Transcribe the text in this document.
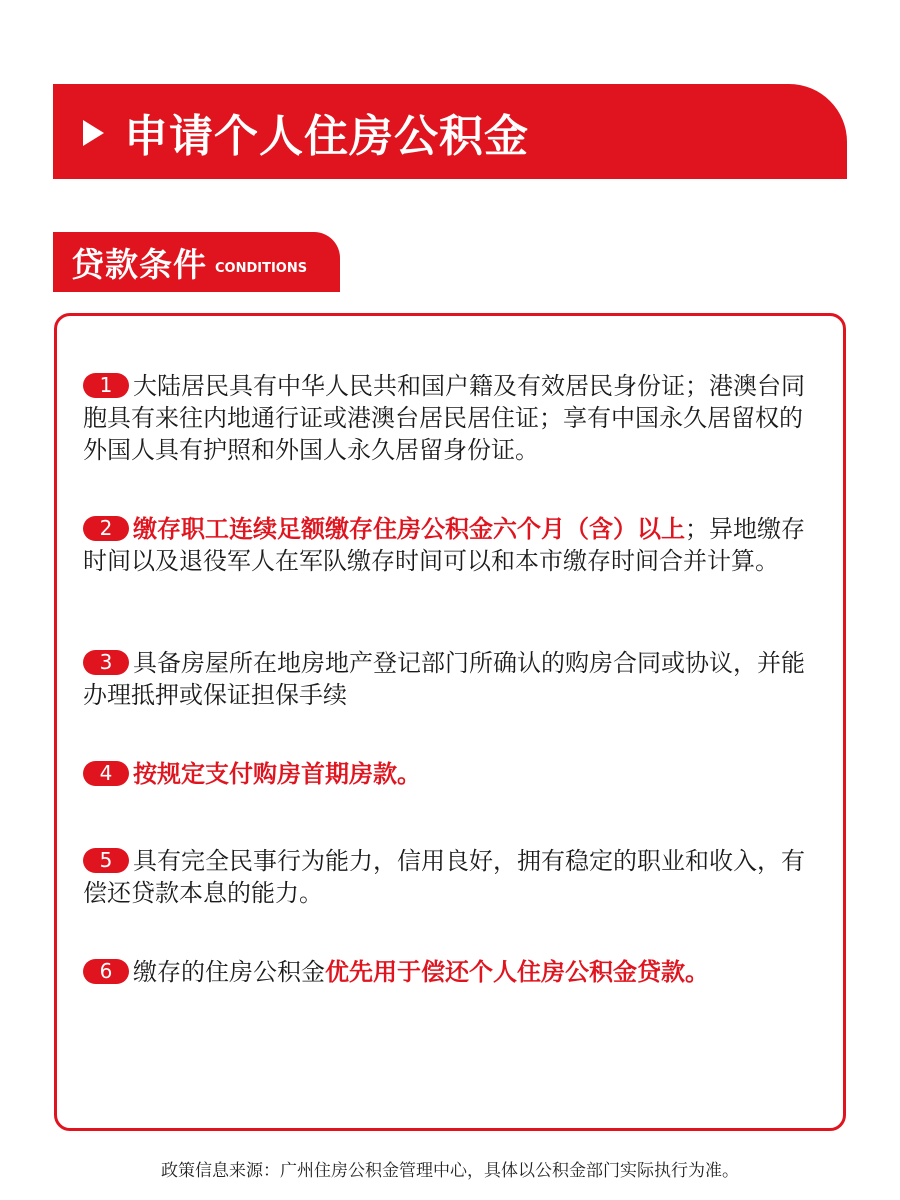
申请个人住房公积金
贷款条件 CONDITIONS
1 大陆居民具有中华人民共和国户籍及有效居民身份证；港澳台同胞具有来往内地通行证或港澳台居民居住证；享有中国永久居留权的外国人具有护照和外国人永久居留身份证。
2 缴存职工连续足额缴存住房公积金六个月（含）以上；异地缴存时间以及退役军人在军队缴存时间可以和本市缴存时间合并计算。
3 具备房屋所在地房地产登记部门所确认的购房合同或协议，并能办理抵押或保证担保手续
4 按规定支付购房首期房款。
5 具有完全民事行为能力，信用良好，拥有稳定的职业和收入，有偿还贷款本息的能力。
6 缴存的住房公积金优先用于偿还个人住房公积金贷款。
政策信息来源：广州住房公积金管理中心，具体以公积金部门实际执行为准。
